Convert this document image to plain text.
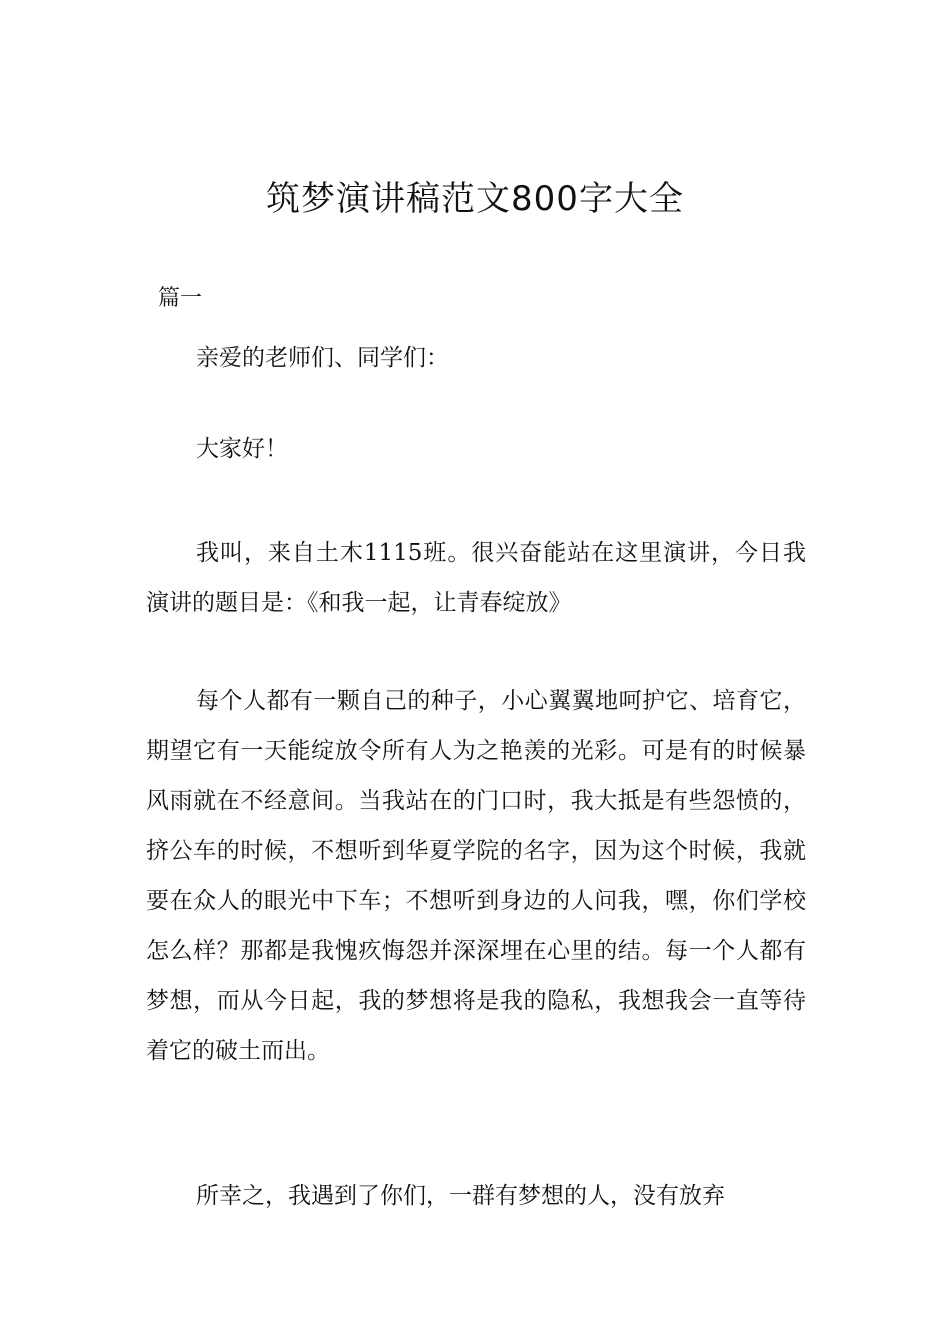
筑梦演讲稿范文800字大全
篇一

亲爱的老师们、同学们：

大家好！

我叫，来自土木1115班。很兴奋能站在这里演讲，今日我演讲的题目是：《和我一起，让青春绽放》

每个人都有一颗自己的种子，小心翼翼地呵护它、培育它，期望它有一天能绽放令所有人为之艳羡的光彩。可是有的时候暴风雨就在不经意间。当我站在的门口时，我大抵是有些怨愤的，挤公车的时候，不想听到华夏学院的名字，因为这个时候，我就要在众人的眼光中下车；不想听到身边的人问我，嘿，你们学校怎么样？那都是我愧疚悔怨并深深埋在心里的结。每一个人都有梦想，而从今日起，我的梦想将是我的隐私，我想我会一直等待着它的破土而出。

所幸之，我遇到了你们，一群有梦想的人，没有放弃
